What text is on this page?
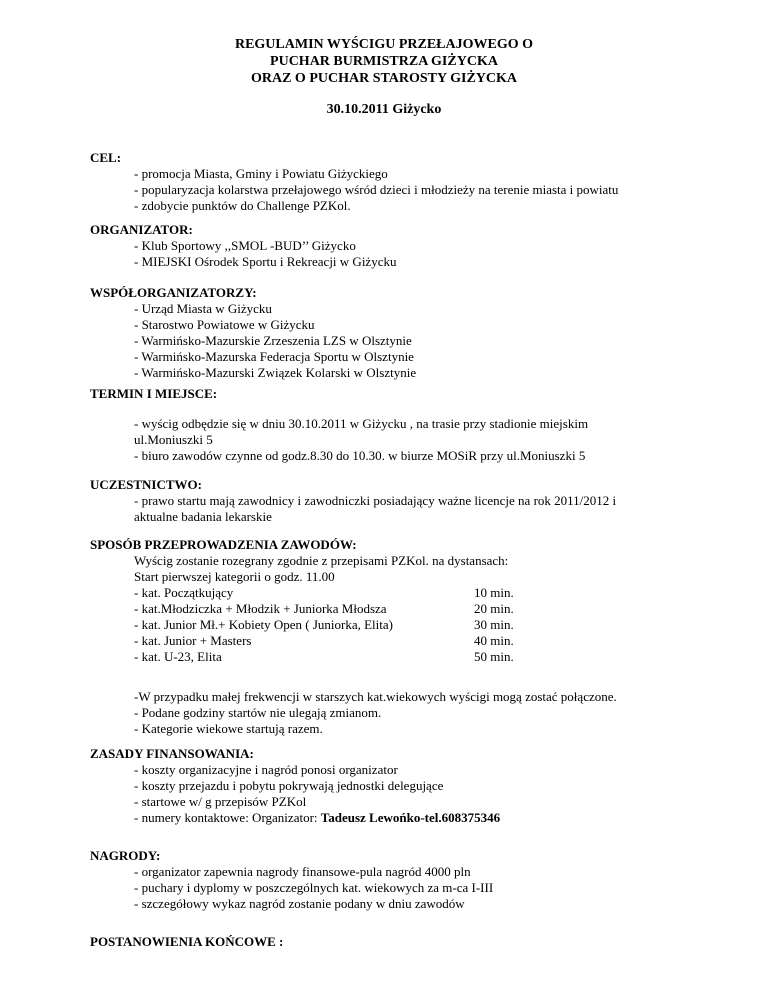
REGULAMIN WYŚCIGU PRZEŁAJOWEGO O
PUCHAR BURMISTRZA GIŻYCKA
ORAZ O PUCHAR STAROSTY GIŻYCKA
30.10.2011 Giżycko
CEL:
- promocja Miasta, Gminy i Powiatu Giżyckiego
- popularyzacja kolarstwa przełajowego wśród dzieci i młodzieży na terenie miasta i powiatu
- zdobycie punktów do Challenge PZKol.
ORGANIZATOR:
- Klub Sportowy ,,SMOL -BUD’’ Giżycko
- MIEJSKI Ośrodek Sportu i Rekreacji w Giżycku
WSPÓŁORGANIZATORZY:
- Urząd Miasta w Giżycku
- Starostwo Powiatowe w Giżycku
- Warmińsko-Mazurskie Zrzeszenia LZS w Olsztynie
- Warmińsko-Mazurska Federacja Sportu w Olsztynie
- Warmińsko-Mazurski Związek Kolarski w Olsztynie
TERMIN I MIEJSCE:
- wyścig odbędzie się w dniu 30.10.2011 w Giżycku , na trasie przy stadionie miejskim
ul.Moniuszki 5
- biuro zawodów czynne od godz.8.30 do 10.30. w biurze MOSiR przy ul.Moniuszki 5
UCZESTNICTWO:
- prawo startu mają zawodnicy i zawodniczki posiadający ważne licencje na rok 2011/2012 i
aktualne badania lekarskie
SPOSÓB PRZEPROWADZENIA ZAWODÓW:
Wyścig zostanie rozegrany zgodnie z przepisami PZKol. na dystansach:
Start pierwszej kategorii o godz. 11.00
- kat. Początkujący	10 min.
- kat.Młodziczka + Młodzik + Juniorka Młodsza	20 min.
- kat. Junior Mł.+ Kobiety Open ( Juniorka, Elita)	30 min.
- kat. Junior + Masters	40 min.
- kat. U-23, Elita	50 min.
-W przypadku małej frekwencji w starszych kat.wiekowych wyścigi mogą zostać połączone.
- Podane godziny startów nie ulegają zmianom.
- Kategorie wiekowe startują razem.
ZASADY FINANSOWANIA:
- koszty organizacyjne i nagród ponosi organizator
- koszty przejazdu i pobytu pokrywają jednostki delegujące
- startowe w/ g przepisów PZKol
- numery kontaktowe: Organizator: Tadeusz Lewońko-tel.608375346
NAGRODY:
- organizator zapewnia nagrody finansowe-pula nagród 4000 pln
- puchary i dyplomy w poszczególnych kat. wiekowych za m-ca I-III
- szczegółowy wykaz nagród zostanie podany w dniu zawodów
POSTANOWIENIA KOŃCOWE :
